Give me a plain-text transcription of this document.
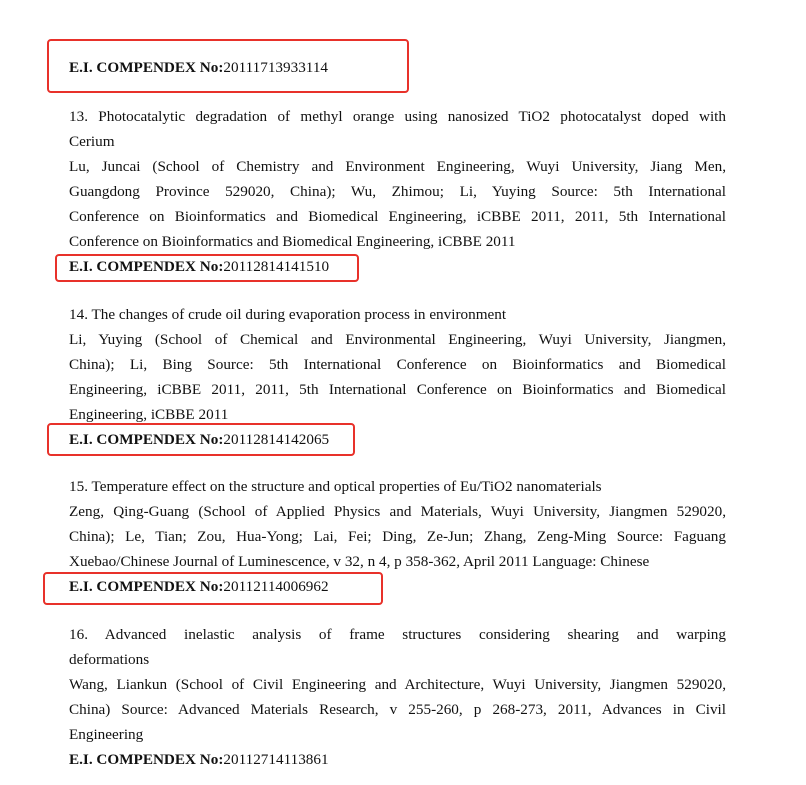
E.I. COMPENDEX No:20111713933114
13. Photocatalytic degradation of methyl orange using nanosized TiO2 photocatalyst doped with
Cerium
Lu, Juncai (School of Chemistry and Environment Engineering, Wuyi University, Jiang Men,
Guangdong Province 529020, China); Wu, Zhimou; Li, Yuying Source: 5th International
Conference on Bioinformatics and Biomedical Engineering, iCBBE 2011, 2011, 5th International
Conference on Bioinformatics and Biomedical Engineering, iCBBE 2011
E.I. COMPENDEX No:20112814141510
14. The changes of crude oil during evaporation process in environment
Li, Yuying (School of Chemical and Environmental Engineering, Wuyi University, Jiangmen,
China); Li, Bing Source: 5th International Conference on Bioinformatics and Biomedical
Engineering, iCBBE 2011, 2011, 5th International Conference on Bioinformatics and Biomedical
Engineering, iCBBE 2011
E.I. COMPENDEX No:20112814142065
15. Temperature effect on the structure and optical properties of Eu/TiO2 nanomaterials
Zeng, Qing-Guang (School of Applied Physics and Materials, Wuyi University, Jiangmen 529020,
China); Le, Tian; Zou, Hua-Yong; Lai, Fei; Ding, Ze-Jun; Zhang, Zeng-Ming Source: Faguang
Xuebao/Chinese Journal of Luminescence, v 32, n 4, p 358-362, April 2011 Language: Chinese
E.I. COMPENDEX No:20112114006962
16. Advanced inelastic analysis of frame structures considering shearing and warping
deformations
Wang, Liankun (School of Civil Engineering and Architecture, Wuyi University, Jiangmen 529020,
China) Source: Advanced Materials Research, v 255-260, p 268-273, 2011, Advances in Civil
Engineering
E.I. COMPENDEX No:20112714113861
